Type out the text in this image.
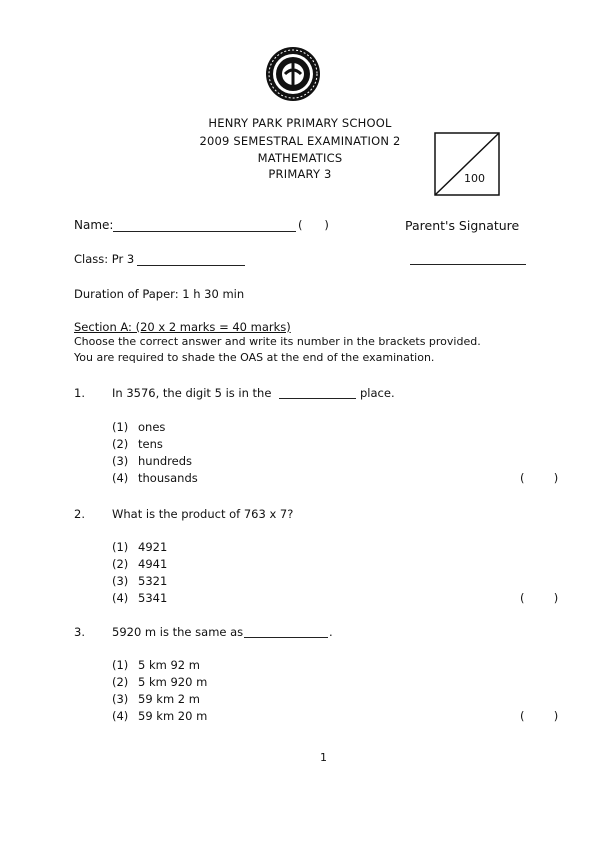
HENRY PARK PRIMARY SCHOOL
2009 SEMESTRAL EXAMINATION 2
MATHEMATICS
PRIMARY 3	100
Name:	(      )	Parent's Signature
Class: Pr 3
Duration of Paper: 1 h 30 min
Section A: (20 x 2 marks = 40 marks)
Choose the correct answer and write its number in the brackets provided.
You are required to shade the OAS at the end of the examination.
1. In 3576, the digit 5 is in the	place.
(1) ones
(2) tens
(3) hundreds
(4) thousands	(        )
2. What is the product of 763 x 7?
(1) 4921
(2) 4941
(3) 5321
(4) 5341	(        )
3. 5920 m is the same as	.
(1) 5 km 92 m
(2) 5 km 920 m
(3) 59 km 2 m
(4) 59 km 20 m	(        )
1
